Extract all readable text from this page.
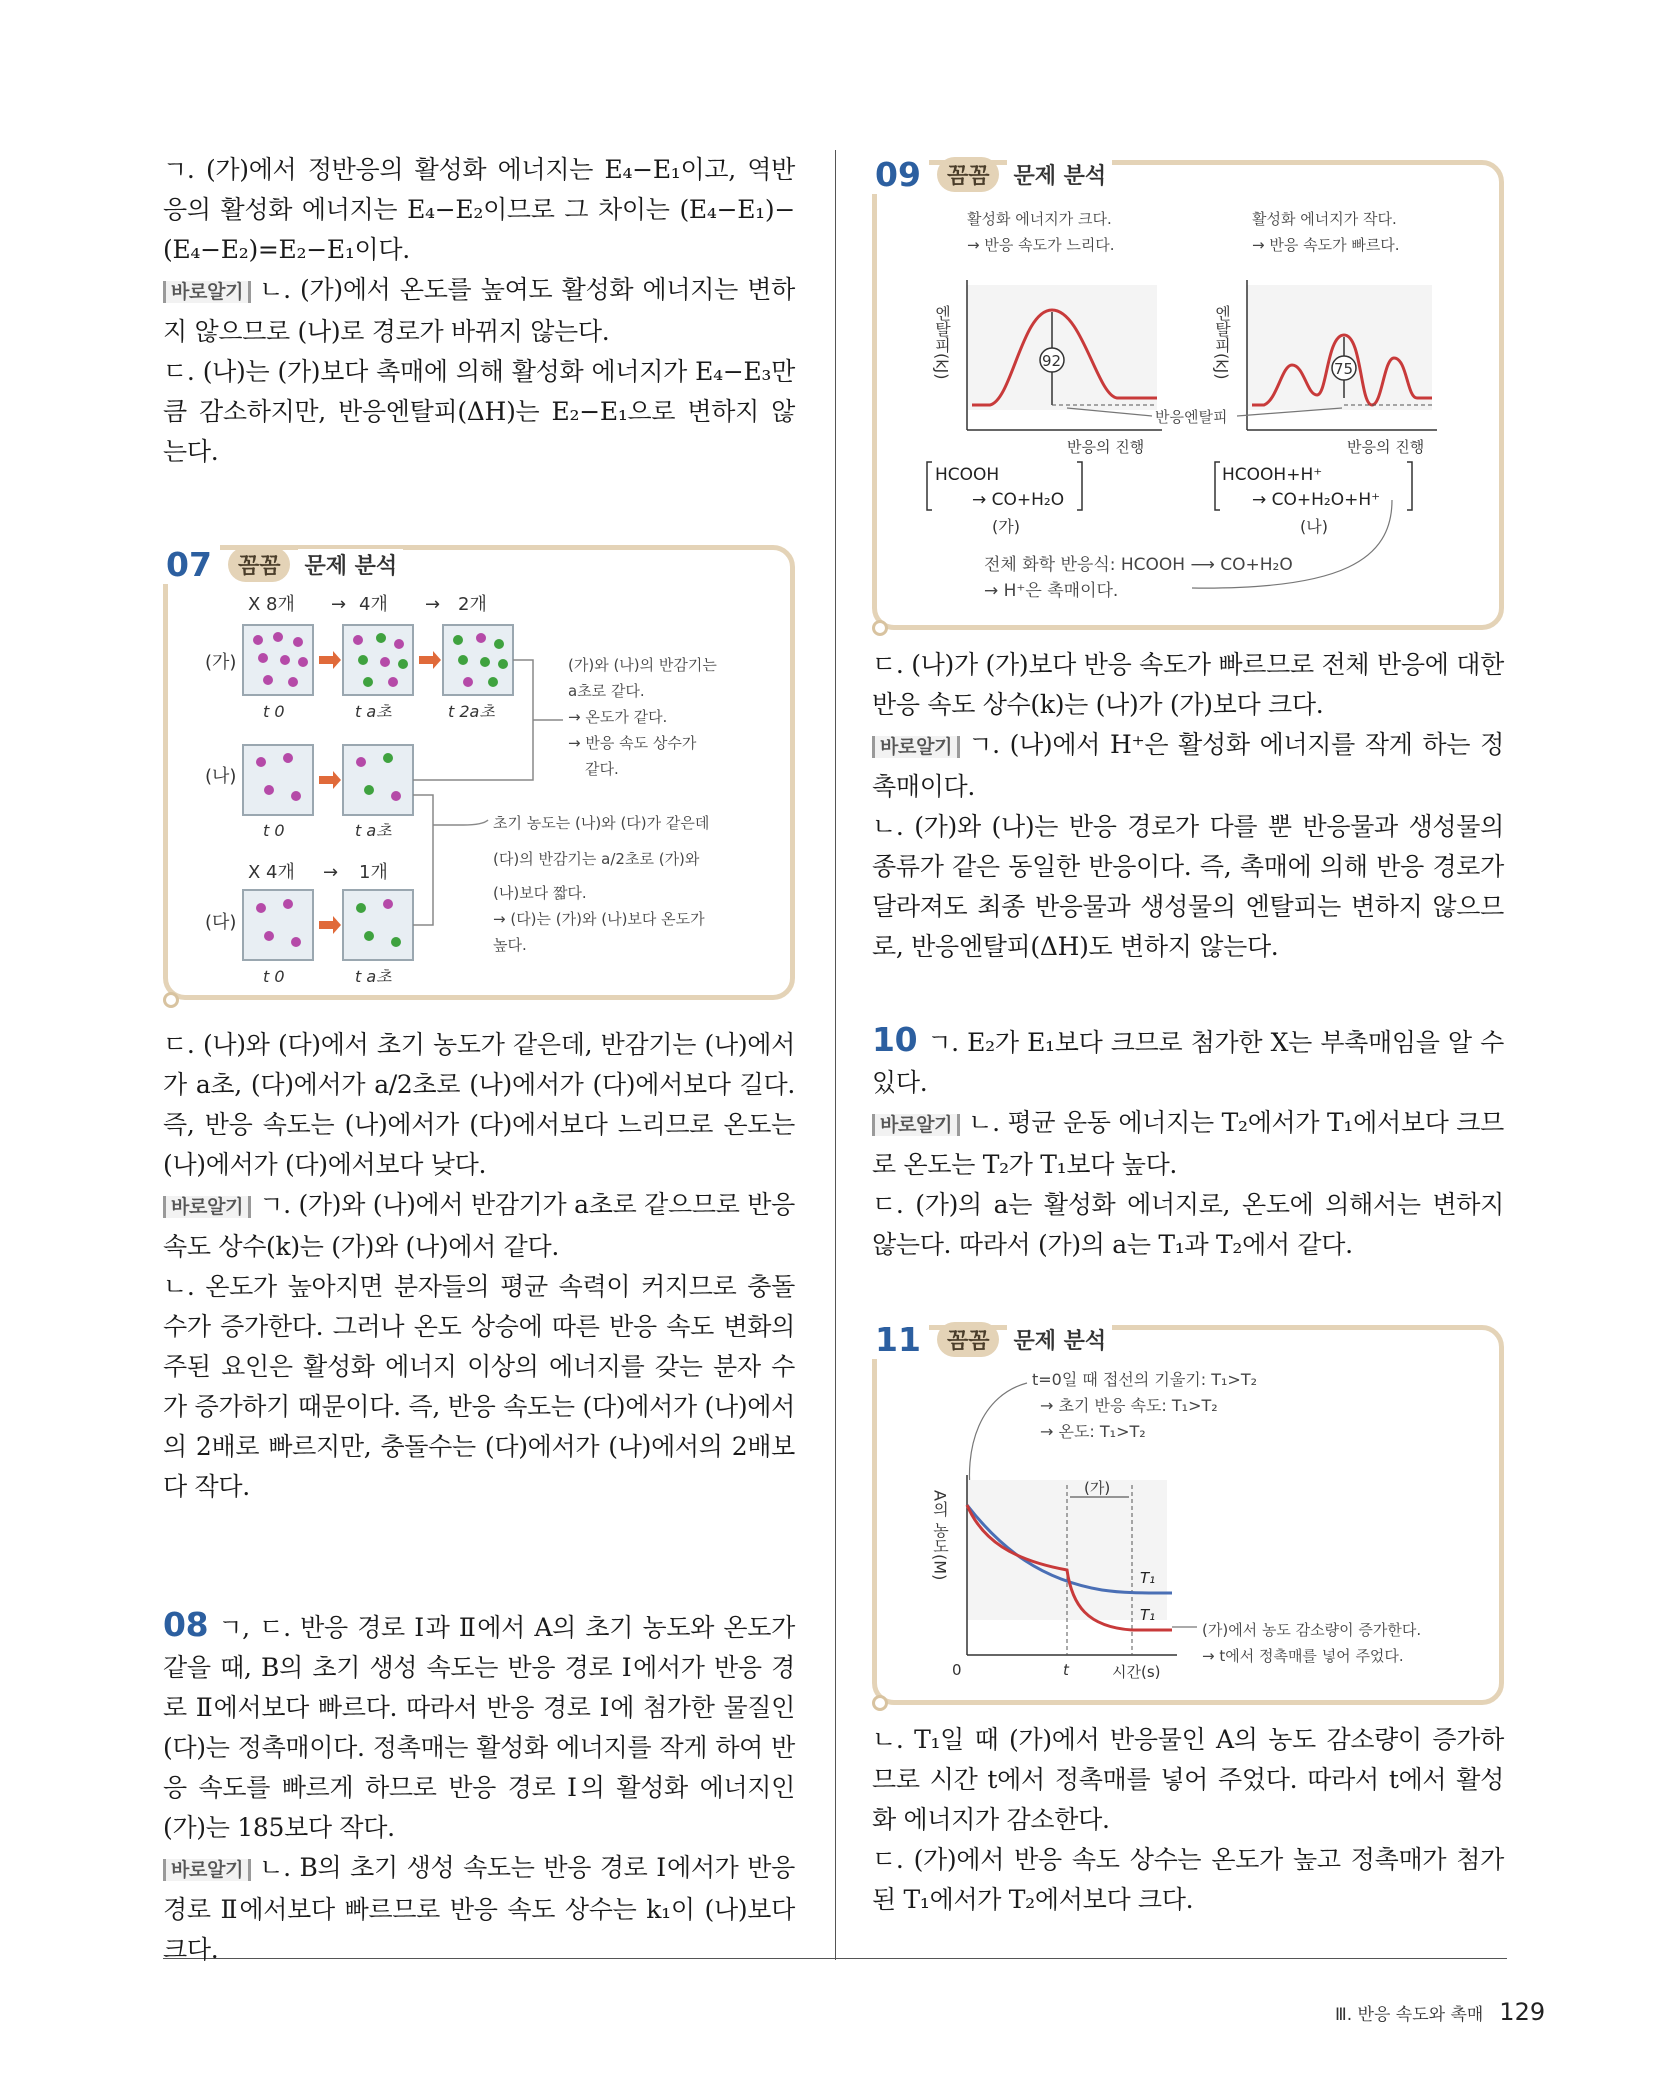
ㄱ. (가)에서 정반응의 활성화 에너지는 E₄−E₁이고, 역반응의 활성화 에너지는 E₄−E₂이므로 그 차이는 (E₄−E₁)−(E₄−E₂)=E₂−E₁이다.

바로알기 ㄴ. (가)에서 온도를 높여도 활성화 에너지는 변하지 않으므로 (나)로 경로가 바뀌지 않는다.

ㄷ. (나)는 (가)보다 촉매에 의해 활성화 에너지가 E₄−E₃만큼 감소하지만, 반응엔탈피(ΔH)는 E₂−E₁으로 변하지 않는다.

07	꼼꼼	문제 분석
X 8개 → 4개 → 2개
(가)
(나)
(다)
t 0	t a초	t 2a초
t 0	t a초
X 4개 → 1개
t 0	t a초
(가)와 (나)의 반감기는
a초로 같다.
→ 온도가 같다.
→ 반응 속도 상수가
같다.
초기 농도는 (나)와 (다)가 같은데
(다)의 반감기는 a/2초로 (가)와
(나)보다 짧다.
→ (다)는 (가)와 (나)보다 온도가
높다.

ㄷ. (나)와 (다)에서 초기 농도가 같은데, 반감기는 (나)에서가 a초, (다)에서가 a/2초로 (나)에서가 (다)에서보다 길다. 즉, 반응 속도는 (나)에서가 (다)에서보다 느리므로 온도는 (나)에서가 (다)에서보다 낮다.

바로알기 ㄱ. (가)와 (나)에서 반감기가 a초로 같으므로 반응 속도 상수(k)는 (가)와 (나)에서 같다.

ㄴ. 온도가 높아지면 분자들의 평균 속력이 커지므로 충돌수가 증가한다. 그러나 온도 상승에 따른 반응 속도 변화의 주된 요인은 활성화 에너지 이상의 에너지를 갖는 분자 수가 증가하기 때문이다. 즉, 반응 속도는 (다)에서가 (나)에서의 2배로 빠르지만, 충돌수는 (다)에서가 (나)에서의 2배보다 작다.

08 ㄱ, ㄷ. 반응 경로 Ⅰ과 Ⅱ에서 A의 초기 농도와 온도가 같을 때, B의 초기 생성 속도는 반응 경로 Ⅰ에서가 반응 경로 Ⅱ에서보다 빠르다. 따라서 반응 경로 Ⅰ에 첨가한 물질인 (다)는 정촉매이다. 정촉매는 활성화 에너지를 작게 하여 반응 속도를 빠르게 하므로 반응 경로 Ⅰ의 활성화 에너지인 (가)는 185보다 작다.

바로알기 ㄴ. B의 초기 생성 속도는 반응 경로 Ⅰ에서가 반응 경로 Ⅱ에서보다 빠르므로 반응 속도 상수는 k₁이 (나)보다 크다.

09	꼼꼼	문제 분석
활성화 에너지가 크다.
→ 반응 속도가 느리다.
활성화 에너지가 작다.
→ 반응 속도가 빠르다.
92
엔탈피(kJ)
반응의 진행
75
엔탈피(kJ)
반응의 진행
반응엔탈피
HCOOH
→ CO+H₂O
(가)
HCOOH+H⁺
→ CO+H₂O+H⁺
(나)
전체 화학 반응식: HCOOH ⟶ CO+H₂O
→ H⁺은 촉매이다.

ㄷ. (나)가 (가)보다 반응 속도가 빠르므로 전체 반응에 대한 반응 속도 상수(k)는 (나)가 (가)보다 크다.

바로알기 ㄱ. (나)에서 H⁺은 활성화 에너지를 작게 하는 정촉매이다.

ㄴ. (가)와 (나)는 반응 경로가 다를 뿐 반응물과 생성물의 종류가 같은 동일한 반응이다. 즉, 촉매에 의해 반응 경로가 달라져도 최종 반응물과 생성물의 엔탈피는 변하지 않으므로, 반응엔탈피(ΔH)도 변하지 않는다.

10 ㄱ. E₂가 E₁보다 크므로 첨가한 X는 부촉매임을 알 수 있다.

바로알기 ㄴ. 평균 운동 에너지는 T₂에서가 T₁에서보다 크므로 온도는 T₂가 T₁보다 높다.

ㄷ. (가)의 a는 활성화 에너지로, 온도에 의해서는 변하지 않는다. 따라서 (가)의 a는 T₁과 T₂에서 같다.

11	꼼꼼	문제 분석
t=0일 때 접선의 기울기: T₁>T₂
→ 초기 반응 속도: T₁>T₂
→ 온도: T₁>T₂
(가)
T₁
T₁
A의 농도(M)
0	t	시간(s)
(가)에서 농도 감소량이 증가한다.
→ t에서 정촉매를 넣어 주었다.

ㄴ. T₁일 때 (가)에서 반응물인 A의 농도 감소량이 증가하므로 시간 t에서 정촉매를 넣어 주었다. 따라서 t에서 활성화 에너지가 감소한다.

ㄷ. (가)에서 반응 속도 상수는 온도가 높고 정촉매가 첨가된 T₁에서가 T₂에서보다 크다.

Ⅲ. 반응 속도와 촉매 129
